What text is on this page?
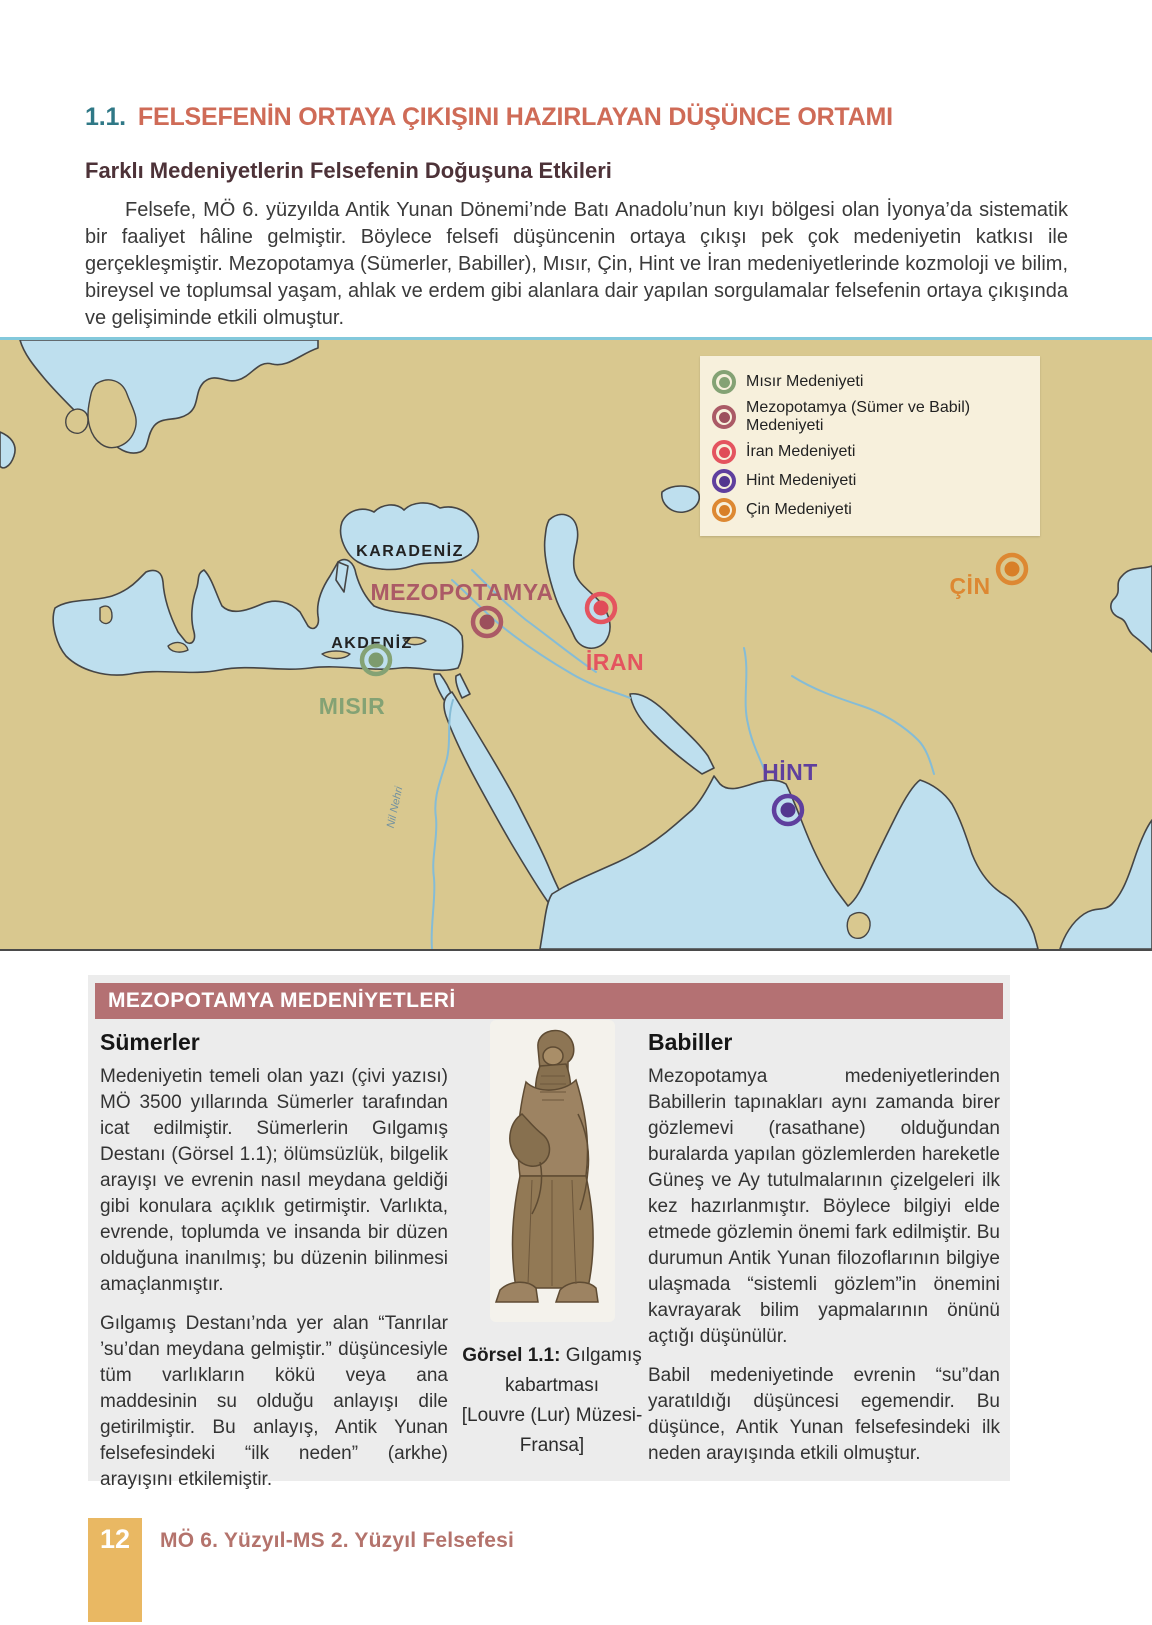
1.1. FELSEFENİN ORTAYA ÇIKIŞINI HAZIRLAYAN DÜŞÜNCE ORTAMI
Farklı Medeniyetlerin Felsefenin Doğuşuna Etkileri
Felsefe, MÖ 6. yüzyılda Antik Yunan Dönemi’nde Batı Anadolu’nun kıyı bölgesi olan İyonya’da sistematik bir faaliyet hâline gelmiştir. Böylece felsefi düşüncenin ortaya çıkışı pek çok medeniyetin katkısı ile gerçekleşmiştir. Mezopotamya (Sümerler, Babiller), Mısır, Çin, Hint ve İran medeniyetlerinde kozmoloji ve bilim, bireysel ve toplumsal yaşam, ahlak ve erdem gibi alanlara dair yapılan sorgulamalar felsefenin ortaya çıkışında ve gelişiminde etkili olmuştur.
Nil Nehri
KARADENİZ
AKDENİZ
MEZOPOTAMYA
İRAN
MISIR
HİNT
ÇİN
Mısır Medeniyeti
Mezopotamya (Sümer ve Babil) Medeniyeti
İran Medeniyeti
Hint Medeniyeti
Çin Medeniyeti
MEZOPOTAMYA MEDENİYETLERİ
Sümerler

Medeniyetin temeli olan yazı (çivi yazısı) MÖ 3500 yıllarında Sümerler tarafından icat edilmiştir. Sümerlerin Gılgamış Destanı (Görsel 1.1); ölümsüzlük, bilgelik arayışı ve evrenin nasıl meydana geldiği gibi konulara açıklık getirmiştir. Varlıkta, evrende, toplumda ve insanda bir düzen olduğuna inanılmış; bu düzenin bilinmesi amaçlanmıştır.

Gılgamış Destanı’nda yer alan “Tanrılar ’su’dan meydana gelmiştir.” düşüncesiyle tüm varlıkların kökü veya ana maddesinin su olduğu anlayışı dile getirilmiştir. Bu anlayış, Antik Yunan felsefesindeki “ilk neden” (arkhe) arayışını etkilemiştir.

Görsel 1.1: Gılgamış kabartması
[Louvre (Lur) Müzesi-Fransa]
Babiller

Mezopotamya medeniyetlerinden Babillerin tapınakları aynı zamanda birer gözlemevi (rasathane) olduğundan buralarda yapılan gözlemlerden hareketle Güneş ve Ay tutulmalarının çizelgeleri ilk kez hazırlanmıştır. Böylece bilgiyi elde etmede gözlemin önemi fark edilmiştir. Bu durumun Antik Yunan filozoflarının bilgiye ulaşmada “sistemli gözlem”in önemini kavrayarak bilim yapmalarının önünü açtığı düşünülür.

Babil medeniyetinde evrenin “su”dan yaratıldığı düşüncesi egemendir. Bu düşünce, Antik Yunan felsefesindeki ilk neden arayışında etkili olmuştur.

12	MÖ 6. Yüzyıl-MS 2. Yüzyıl Felsefesi
